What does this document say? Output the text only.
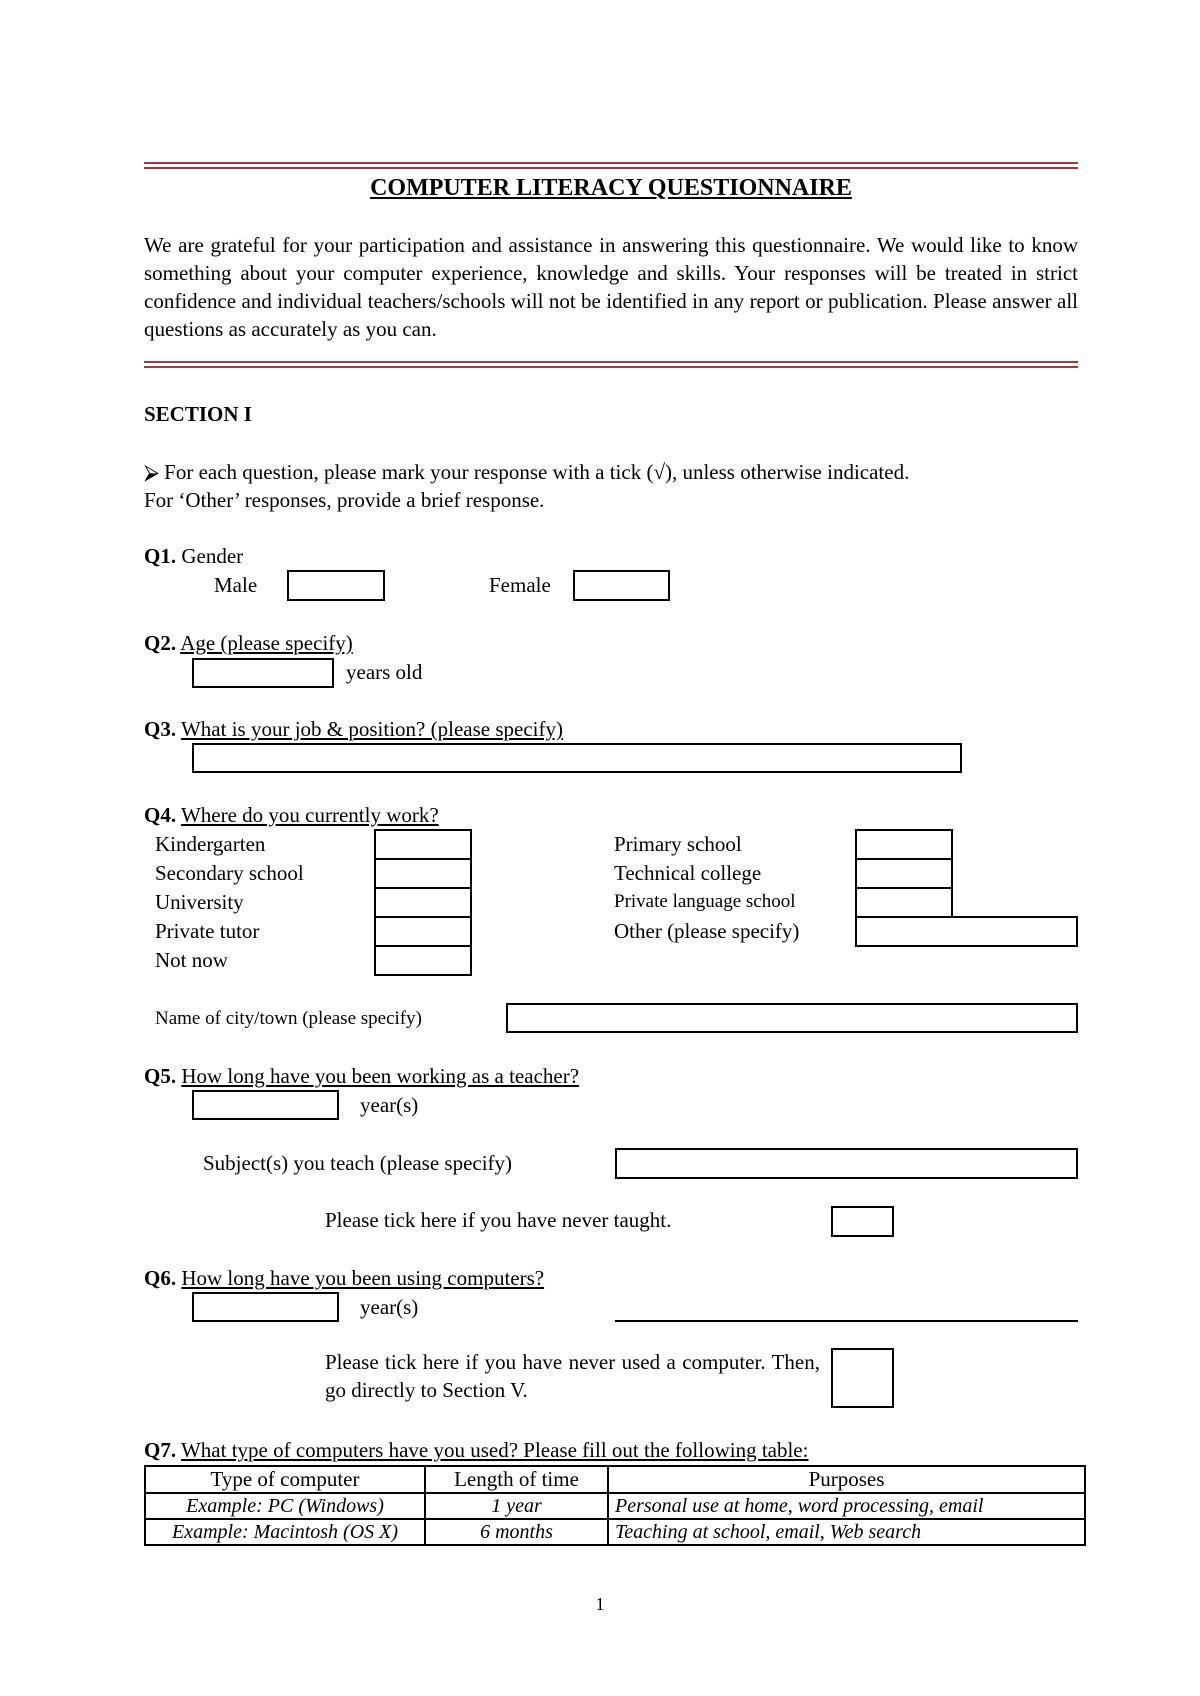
COMPUTER LITERACY QUESTIONNAIRE
We are grateful for your participation and assistance in answering this questionnaire. We would like to know something about your computer experience, knowledge and skills. Your responses will be treated in strict confidence and individual teachers/schools will not be identified in any report or publication. Please answer all questions as accurately as you can.
SECTION I
⮚ For each question, please mark your response with a tick (√), unless otherwise indicated.
For ‘Other’ responses, provide a brief response.
Q1. Gender
Male	Female
Q2. Age (please specify)
years old
Q3. What is your job & position? (please specify)
Q4. Where do you currently work?
Kindergarten
Secondary school
University
Private tutor
Not now
Primary school
Technical college
Private language school
Other (please specify)
Name of city/town (please specify)
Q5. How long have you been working as a teacher?
year(s)
Subject(s) you teach (please specify)
Please tick here if you have never taught.
Q6. How long have you been using computers?
year(s)
Please tick here if you have never used a computer. Then, go directly to Section V.
Q7. What type of computers have you used? Please fill out the following table:
Type of computer	Length of time	Purposes
Example: PC (Windows)	1 year	Personal use at home, word processing, email
Example: Macintosh (OS X)	6 months	Teaching at school, email, Web search
1
